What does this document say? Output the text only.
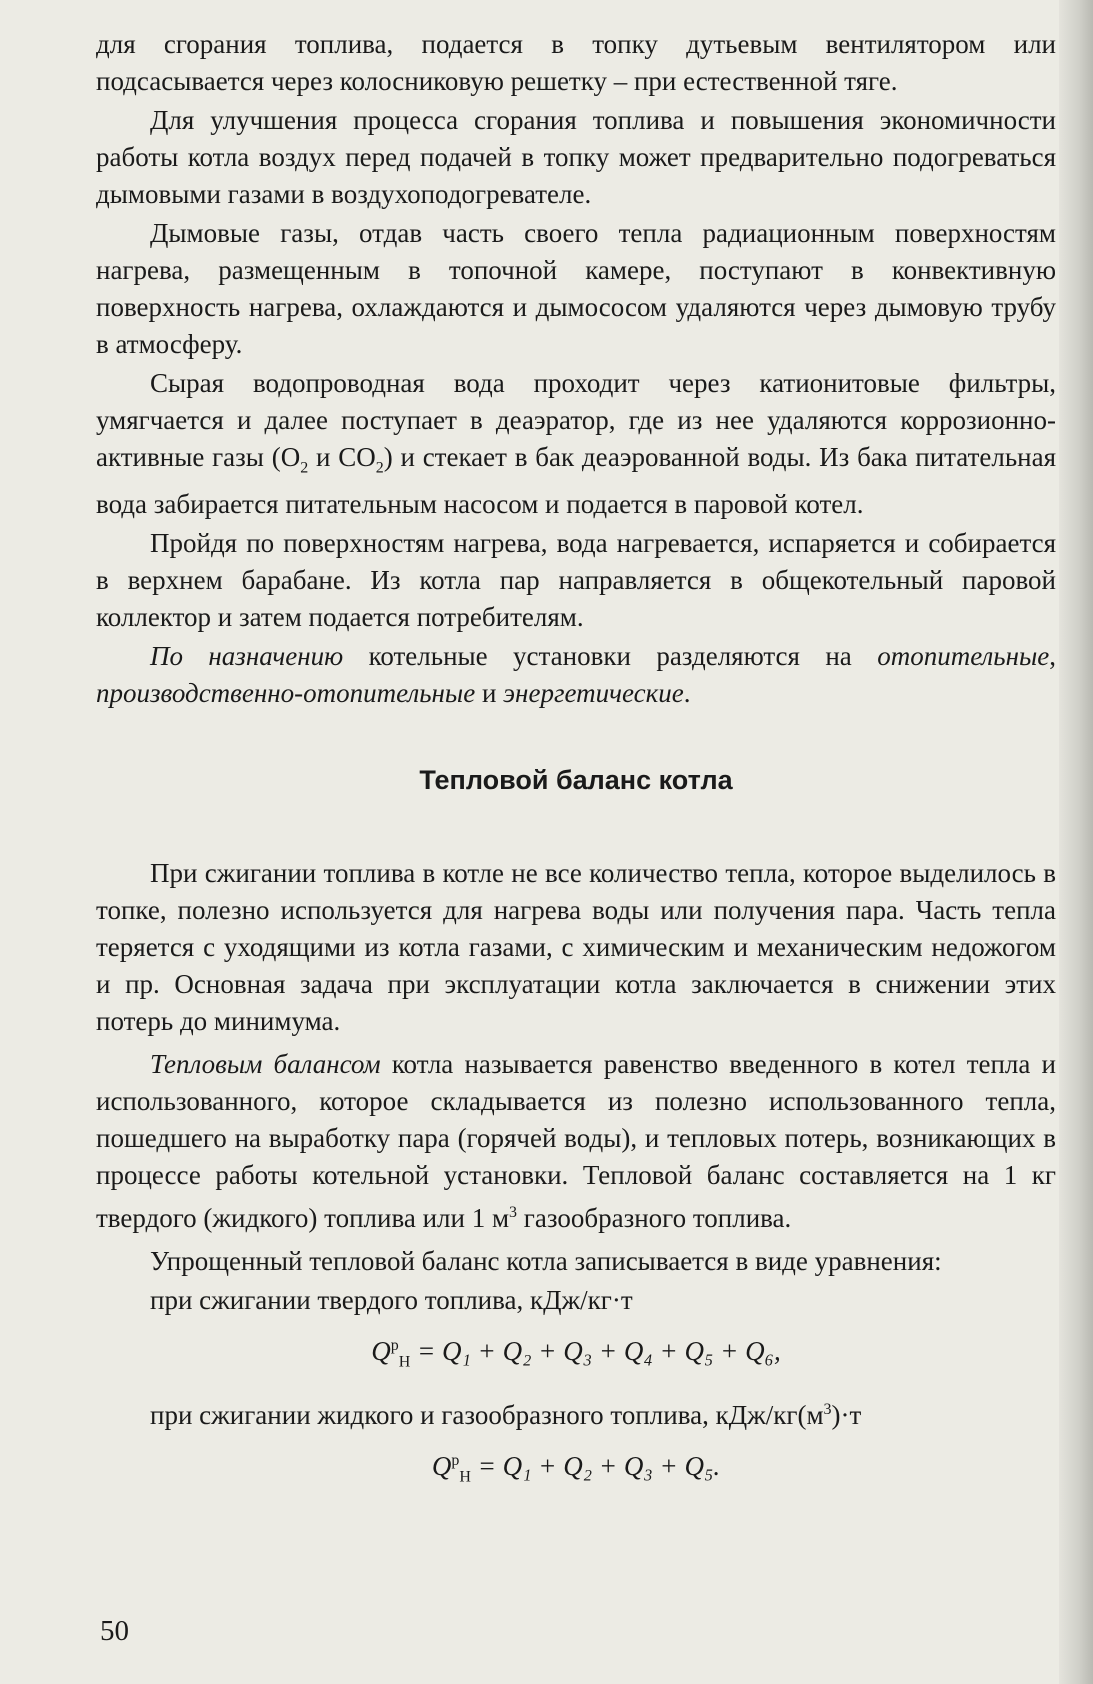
для сгорания топлива, подается в топку дутьевым вентилятором или подсасывается через колосниковую решетку – при естественной тяге.

Для улучшения процесса сгорания топлива и повышения экономичности работы котла воздух перед подачей в топку может предварительно подогреваться дымовыми газами в воздухоподогревателе.

Дымовые газы, отдав часть своего тепла радиационным поверхностям нагрева, размещенным в топочной камере, поступают в конвективную поверхность нагрева, охлаждаются и дымососом удаляются через дымовую трубу в атмосферу.

Сырая водопроводная вода проходит через катионитовые фильтры, умягчается и далее поступает в деаэратор, где из нее удаляются коррозионно-активные газы ($О_2$ и $СО_2$) и стекает в бак деаэрованной воды. Из бака питательная вода забирается питательным насосом и подается в паровой котел.

Пройдя по поверхностям нагрева, вода нагревается, испаряется и собирается в верхнем барабане. Из котла пар направляется в общекотельный паровой коллектор и затем подается потребителям.

По назначению котельные установки разделяются на отопительные, производственно-отопительные и энергетические.

Тепловой баланс котла

При сжигании топлива в котле не все количество тепла, которое выделилось в топке, полезно используется для нагрева воды или получения пара. Часть тепла теряется с уходящими из котла газами, с химическим и механическим недожогом и пр. Основная задача при эксплуатации котла заключается в снижении этих потерь до минимума.

Тепловым балансом котла называется равенство введенного в котел тепла и использованного, которое складывается из полезно использованного тепла, пошедшего на выработку пара (горячей воды), и тепловых потерь, возникающих в процессе работы котельной установки. Тепловой баланс составляется на 1 кг твердого (жидкого) топлива или 1 $м^3$ газообразного топлива.

Упрощенный тепловой баланс котла записывается в виде уравнения:

при сжигании твердого топлива, кДж/кг·т

$Q^р_Н = Q_1 + Q_2 + Q_3 + Q_4 + Q_5 + Q_6$,

при сжигании жидкого и газообразного топлива, кДж/$кг(м^3)\cdot т$

$Q^р_Н = Q_1 + Q_2 + Q_3 + Q_5$.
50
